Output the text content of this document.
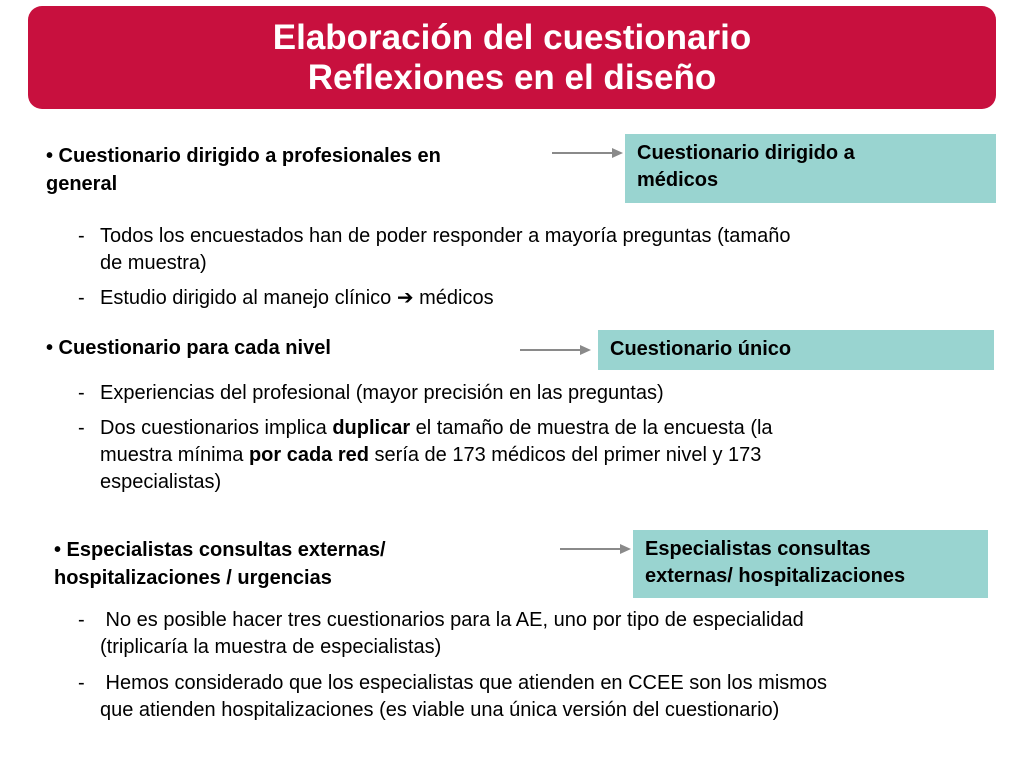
Elaboración del cuestionario
Reflexiones en el diseño
• Cuestionario dirigido a profesionales en
general
Cuestionario dirigido a
médicos
- Todos los encuestados han de poder responder a mayoría preguntas (tamaño
de muestra)
- Estudio dirigido al manejo clínico ➔ médicos
• Cuestionario para cada nivel	Cuestionario único
- Experiencias del profesional (mayor precisión en las preguntas)
- Dos cuestionarios implica duplicar el tamaño de muestra de la encuesta (la
muestra mínima por cada red sería de 173 médicos del primer nivel y 173
especialistas)
• Especialistas consultas externas/
hospitalizaciones / urgencias
Especialistas consultas
externas/ hospitalizaciones
- No es posible hacer tres cuestionarios para la AE, uno por tipo de especialidad
(triplicaría la muestra de especialistas)
- Hemos considerado que los especialistas que atienden en CCEE son los mismos
que atienden hospitalizaciones (es viable una única versión del cuestionario)
